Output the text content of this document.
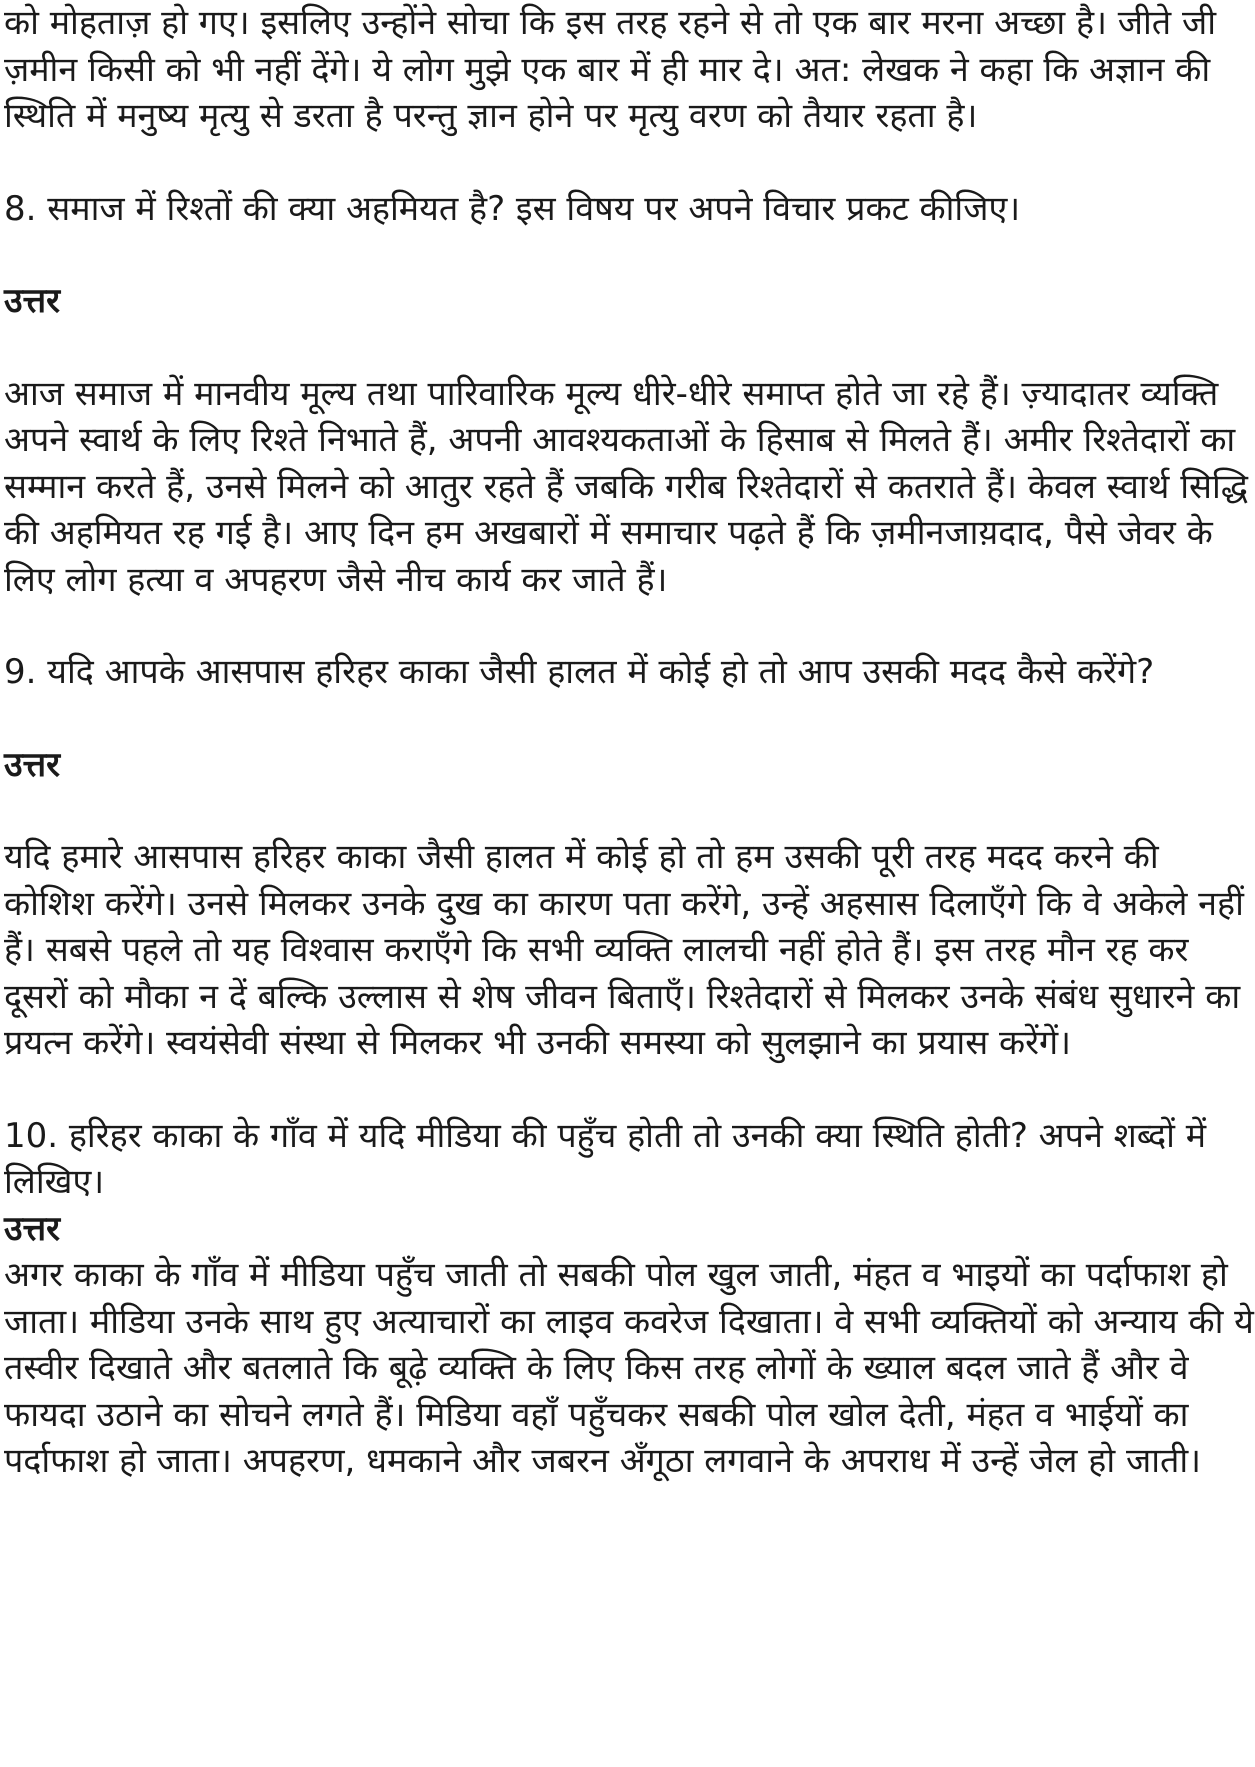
को मोहताज़ हो गए। इसलिए उन्होंने सोचा कि इस तरह रहने से तो एक बार मरना अच्छा है। जीते जी ज़मीन किसी को भी नहीं देंगे। ये लोग मुझे एक बार में ही मार दे। अत: लेखक ने कहा कि अज्ञान की स्थिति में मनुष्य मृत्यु से डरता है परन्तु ज्ञान होने पर मृत्यु वरण को तैयार रहता है।

8. समाज में रिश्तों की क्या अहमियत है? इस विषय पर अपने विचार प्रकट कीजिए।

उत्तर

आज समाज में मानवीय मूल्य तथा पारिवारिक मूल्य धीरे-धीरे समाप्त होते जा रहे हैं। ज़्यादातर व्यक्ति अपने स्वार्थ के लिए रिश्ते निभाते हैं, अपनी आवश्यकताओं के हिसाब से मिलते हैं। अमीर रिश्तेदारों का सम्मान करते हैं, उनसे मिलने को आतुर रहते हैं जबकि गरीब रिश्तेदारों से कतराते हैं। केवल स्वार्थ सिद्धि की अहमियत रह गई है। आए दिन हम अखबारों में समाचार पढ़ते हैं कि ज़मीनजाय़दाद, पैसे जेवर के लिए लोग हत्या व अपहरण जैसे नीच कार्य कर जाते हैं।

9. यदि आपके आसपास हरिहर काका जैसी हालत में कोई हो तो आप उसकी मदद कैसे करेंगे?

उत्तर

यदि हमारे आसपास हरिहर काका जैसी हालत में कोई हो तो हम उसकी पूरी तरह मदद करने की कोशिश करेंगे। उनसे मिलकर उनके दुख का कारण पता करेंगे, उन्हें अहसास दिलाएँगे कि वे अकेले नहीं हैं। सबसे पहले तो यह विश्वास कराएँगे कि सभी व्यक्ति लालची नहीं होते हैं। इस तरह मौन रह कर दूसरों को मौका न दें बल्कि उल्लास से शेष जीवन बिताएँ। रिश्तेदारों से मिलकर उनके संबंध सुधारने का प्रयत्न करेंगे। स्वयंसेवी संस्था से मिलकर भी उनकी समस्या को सुलझाने का प्रयास करेंगें।

10. हरिहर काका के गाँव में यदि मीडिया की पहुँच होती तो उनकी क्या स्थिति होती? अपने शब्दों में लिखिए।

उत्तर

अगर काका के गाँव में मीडिया पहुँच जाती तो सबकी पोल खुल जाती, मंहत व भाइयों का पर्दाफाश हो जाता। मीडिया उनके साथ हुए अत्याचारों का लाइव कवरेज दिखाता। वे सभी व्यक्तियों को अन्याय की ये तस्वीर दिखाते और बतलाते कि बूढ़े व्यक्ति के लिए किस तरह लोगों के ख्याल बदल जाते हैं और वे फायदा उठाने का सोचने लगते हैं। मिडिया वहाँ पहुँचकर सबकी पोल खोल देती, मंहत व भाईयों का पर्दाफाश हो जाता। अपहरण, धमकाने और जबरन अँगूठा लगवाने के अपराध में उन्हें जेल हो जाती।
